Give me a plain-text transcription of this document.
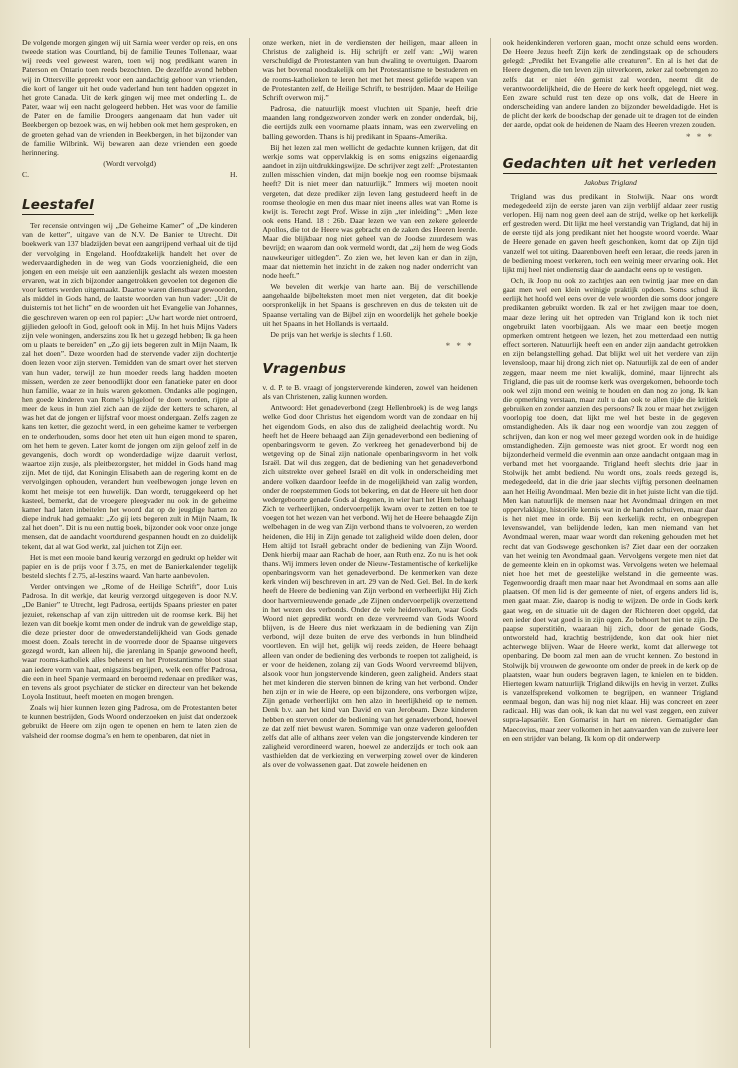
De volgende morgen gingen wij uit Sarnia weer verder op reis, en ons tweede station was Courtland, bij de familie Teunes Tollenaar, waar wij reeds veel geweest waren, toen wij nog predikant waren in Paterson en Ontario toen reeds bezochten. De dezelfde avond hebben wij in Ottersville gepreekt voor een aandachtig gehoor van vrienden, die kort of langer uit het oude vaderland hun tent hadden opgezet in het grote Canada. Uit de kerk gingen wij mee met onderling L. de Pater, waar wij een nacht gelogeerd hebben. Het was voor de familie de Pater en de familie Droogers aangenaam dat hun vader uit Beekbergen op bezoek was, en wij hebben ook met hem gesproken, en de groeten gehad van de vrienden in Beekbergen, in het bijzonder van de familie Wilbrink. Wij bewaren aan deze vrienden een goede herinnering.

(Wordt vervolgd)
C.	H.
Leestafel

Ter recensie ontvingen wij „De Geheime Kamer” of „De kinderen van de ketter”, uitgave van de N.V. De Banier te Utrecht. Dit boekwerk van 137 bladzijden bevat een aangrijpend verhaal uit de tijd der vervolging in Engeland. Hoofdzakelijk handelt het over de wedervaardigheden in de weg van Gods voorzienigheid, die een jongen en een meisje uit een aanzienlijk geslacht als wezen moesten ervaren, wat in zich bijzonder aangetrokken gevoelen tot degenen die voor ketters werden uitgemaakt. Daartoe waren dienstbaar gewoorden, als middel in Gods hand, de laatste woorden van hun vader: „Uit de duisternis tot het licht” en de woorden uit het Evangelie van Johannes, die geschreven waren op een rol papier: „Uw hart worde niet ontroerd, gijlieden gelooft in God, gelooft ook in Mij. In het huis Mijns Vaders zijn vele woningen, anderszins zou Ik het u gezegd hebben; Ik ga heen om u plaats te bereiden” en „Zo gij iets begeren zult in Mijn Naam, Ik zal het doen”. Deze woorden had de stervende vader zijn dochtertje doen lezen voor zijn sterven. Temidden van de smart over het sterven van hun vader, terwijl ze hun moeder reeds lang hadden moeten missen, werden ze zeer benoodlijkt door een fanatieke pater en door hun familie, waar ze in huis waren gekomen. Ondanks alle pogingen, hen goede kinderen van Rome’s bijgeloof te doen worden, rijpte al meer de keus in hun ziel zich aan de zijde der ketters te scharen, al was het dat de jongen er lijfstraf voor moest ondergaan. Zelfs zagen ze kans ten ketter, die gezocht werd, in een geheime kamer te verbergen en te onderhouden, soms door het eten uit hun eigen mond te sparen, om het hem te geven. Later komt de jongen om zijn geloof zelf in de gevangenis, doch wordt op wonderdadige wijze daaruit verlost, waartoe zijn zusje, als pleitbezorgster, het middel in Gods hand mag zijn. Met de tijd, dat Koningin Elisabeth aan de regering komt en de vervolgingen ophouden, verandert hun veelbewogen jonge leven en komt het meisje tot een huwelijk. Dan wordt, teruggekeerd op het kasteel, bemerkt, dat de vroegere pleegvader nu ook in de geheime kamer had laten inbeitelen het woord dat op de jeugdige harten zo diepe indruk had gemaakt: „Zo gij iets begeren zult in Mijn Naam, Ik zal het doen”. Dit is nu een nuttig boek, bijzonder ook voor onze jonge mensen, dat de aandacht voortdurend gespannen houdt en zo duidelijk tekent, dat al wat God werkt, zal juichen tot Zijn eer.

Het is met een mooie band keurig verzorgd en gedrukt op helder wit papier en is de prijs voor f 3.75, en met de Banierkalender tegelijk besteld slechts f 2.75, al-leszins waard. Van harte aanbevolen.

Verder ontvingen we „Rome of de Heilige Schrift”, door Luis Padrosa. In dit werkje, dat keurig verzorgd uitgegeven is door N.V. „De Banier” te Utrecht, legt Padrosa, eertijds Spaans priester en pater jezuiet, rekenschap af van zijn uittreden uit de roomse kerk. Bij het lezen van dit boekje komt men onder de indruk van de geweldige stap, die deze priester door de onwederstandelijkheid van Gods genade moest doen. Zoals terecht in de voorrede door de Spaanse uitgevers gezegd wordt, kan alleen hij, die jarenlang in Spanje gewoond heeft, waar rooms-katholiek alles beheerst en het Protestantisme bloot staat aan iedere vorm van haat, enigszins begrijpen, welk een offer Padrosa, die een in heel Spanje vermaard en beroemd redenaar en prediker was, en tevens als groot psychiater de sticker en directeur van het bekende Loyola Instituut, heeft moeten en mogen brengen.

Zoals wij hier kunnen lezen ging Padrosa, om de Protestanten beter te kunnen bestrijden, Gods Woord onderzoeken en juist dat onderzoek gebruikt de Heere om zijn ogen te openen en hem te laten zien de valsheid der roomse dogma’s en hem te openbaren, dat niet in

onze werken, niet in de verdiensten der heiligen, maar alleen in Christus de zaligheid is. Hij schrijft er zelf van: „Wij waren verschuldigd de Protestanten van hun dwaling te overtuigen. Daarom was het bovenal noodzakelijk om het Protestantisme te bestuderen en de rooms-katholieken te leren het met het meest geliefde wapen van de Protestanten zelf, de Heilige Schrift, te bestrijden. Maar de Heilige Schrift overwon mij.”

Padrosa, die natuurlijk moest vluchten uit Spanje, heeft drie maanden lang rondgezworven zonder werk en zonder onderdak, bij, die eertijds zulk een voorname plaats innam, was een zwerveling en balling geworden. Thans is hij predikant in Spaans-Amerika.

Bij het lezen zal men wellicht de gedachte kunnen krijgen, dat dit werkje soms wat oppervlakkig is en soms enigszins eigenaardig aandoet in zijn uitdrukkingswijze. De schrijver zegt zelf: „Protestanten zullen misschien vinden, dat mijn boekje nog een roomse bijsmaak heeft? Dit is niet meer dan natuurlijk.” Immers wij moeten nooit vergeten, dat deze prediker zijn leven lang gestudeerd heeft in de roomse theologie en men dus maar niet ineens alles wat van Rome is kwijt is. Terecht zegt Prof. Wisse in zijn „ter inleiding”: „Men leze ook eens Hand. 18 : 26b. Daar lezen we van een zekere geleerde Apollos, die tot de Heere was gebracht en de zaken des Heeren leerde. Maar die blijkbaar nog niet geheel van de Joodse zuurdesem was bevrijd; en waarom dan ook vermeld wordt, dat „zij hem de weg Gods nauwkeuriger uitlegden”. Zo zien we, het leven kan er dan in zijn, maar dat niettemin het inzicht in de zaken nog nader onderricht van node heeft.”

We bevelen dit werkje van harte aan. Bij de verschillende aangehaalde bijbelteksten moet men niet vergeten, dat dit boekje oorspronkelijk in het Spaans is geschreven en dus de teksten uit de Spaanse vertaling van de Bijbel zijn en woordelijk het gehele boekje uit het Spaans in het Hollands is vertaald.

De prijs van het werkje is slechts f 1.60.

* * *
Vragenbus

v. d. P. te B. vraagt of jongsterverende kinderen, zowel van heidenen als van Christenen, zalig kunnen worden.

Antwoord: Het genadeverbond (zegt Hellenbroek) is de weg langs welke God door Christus het eigendom wordt van de zondaar en hij het eigendom Gods, en also dus de zaligheid deelachtig wordt. Nu heeft het de Heere behaagd aan Zijn genadeverbond een bediening of openbaringsvorm te geven. Zo verkreeg het genadeverbond bij de wetgeving op de Sinaï zijn nationale openbaringsvorm in het volk Israël. Dat wil dus zeggen, dat de bediening van het genadeverbond zich uitstrekte over geheel Israël en dit volk in onderscheiding met andere volken daardoor leefde in de mogelijkheid van zalig worden, onder de roepstemmen Gods tot bekering, en dat de Heere uit hen door wedergeboorte genade Gods al degenen, in wier hart het Hem behaagt Zich te verheerlijken, ondervoerpelijk kwam over te zetten en toe te voegen tot het wezen van het verbond. Wij het de Heere behaagde Zijn welbehagen in de weg van Zijn verbond thans te volvoeren, zo werden heidenen, die Hij in Zijn genade tot zaligheid wilde doen delen, door Hem altijd tot Israël gebracht onder de bediening van Zijn Woord. Denk hierbij maar aan Rachab de hoer, aan Ruth enz. Zo nu is het ook thans. Wij immers leven onder de Nieuw-Testamentische of kerkelijke openbaringsvorm van het genadeverbond. De kenmerken van deze kerk vinden wij beschreven in art. 29 van de Ned. Gel. Bel. In de kerk heeft de Heere de bediening van Zijn verbond en verheerlijkt Hij Zich door hartvernieuwende genade „de Zijnen ondervoerpelijk overzettend in het wezen des verbonds. Onder de vele heidenvolken, waar Gods Woord niet gepredikt wordt en deze vervreemd van Gods Woord blijven, is de Heere dus niet werkzaam in de bediening van Zijn verbond, wijl deze buiten de erve des verbonds in hun blindheid voortleven. En wijl het, gelijk wij reeds zeiden, de Heere behaagt alleen van onder de bediening des verbonds te roepen tot zaligheid, is er voor de heidenen, zolang zij van Gods Woord vervreemd blijven, alsook voor hun jongstervende kinderen, geen zaligheid. Anders staat het met kinderen die sterven binnen de kring van het verbond. Onder hen zijn er in wie de Heere, op een bijzondere, ons verborgen wijze, Zijn genade verheerlijkt om hen alzo in heerlijkheid op te nemen. Denk b.v. aan het kind van David en van Jerobeam. Deze kinderen hebben en sterven onder de bediening van het genadeverbond, hoewel ze dat zelf niet bewust waren. Sommige van onze vaderen geloofden zelfs dat alle of althans zeer velen van die jongstervende kinderen ter zaligheid verordineerd waren, hoewel ze anderzijds er toch ook aan vasthielden dat de verkiezing en verwerping zowel over de kinderen als over de volwassenen gaat. Dat zowele heidenen en

ook heidenkinderen verloren gaan, mocht onze schuld eens worden. De Heere Jezus heeft Zijn kerk de zendingstaak op de schouders gelegd: „Predikt het Evangelie alle creaturen”. En al is het dat de Heere degenen, die ten leven zijn uitverkoren, zeker zal toebrengen zo zelfs dat er niet één gemist zal worden, neemt dit de verantwoordelijkheid, die de Heere de kerk heeft opgelegd, niet weg. Een zware schuld rust ten deze op ons volk, dat de Heere in onderscheiding van andere landen zo bijzonder beweldadigde. Het is de plicht der kerk de boodschap der genade uit te dragen tot de einden der aarde, opdat ook de heidenen de Naam des Heeren vrezen zouden.

* * *
Gedachten uit het verleden
Jakobus Trigland

Trigland was dus predikant in Stolwijk. Naar ons wordt medegedeeld zijn de eerste jaren van zijn verblijf aldaar zeer rustig verlopen. Hij nam nog geen deel aan de strijd, welke op het kerkelijk erf gestreden werd. Dit lijkt me heel verstandig van Trigland, dat hij in de eerste tijd als jong predikant niet het hoogste woord voerde. Waar de Heere genade en gaven heeft geschonken, komt dat op Zijn tijd vanzelf wel tot uiting. Daarenboven heeft een leraar, die reeds jaren in de bediening moest verkeren, toch een weinig meer ervaring ook. Het lijkt mij heel niet ondienstig daar de aandacht eens op te vestigen.

Och, ik Joop nu ook zo zachtjes aan een twintig jaar mee en dan gaat men wel een klein weinigje praktijk opdoen. Soms schud ik eerlijk het hoofd wel eens over de vele woorden die soms door jongere predikanten gebruikt worden. Ik zal er het zwijgen maar toe doen, maar deze lering uit het optreden van Trigland kon ik toch niet ongebruikt laten voorbijgaan. Als we maar een beetje mogen opmerken omtrent hetgeen we lezen, het zou metterdaad een nuttig effect sorteren. Natuurlijk heeft een en ander zijn aandacht getrokken en zijn belangstelling gehad. Dat blijkt wel uit het verdere van zijn levensloop, maar hij drong zich niet op. Natuurlijk zal de een of ander zeggen, maar neem me niet kwalijk, dominé, maar lijnrecht als Trigland, die pas uit de roomse kerk was overgekomen, behoorde toch ook wel zijn mond een weinig te houden en dan nog zo jong. Ik kan die opmerking verstaan, maar zult u dan ook te allen tijde die kritiek gebruiken en zonder aanzien des persoons? Ik zou er maar het zwijgen voorlopig toe doen, dat lijkt me wel het beste in de gegeven omstandigheden. Als ik daar nog een woordje van zou zeggen of schrijven, dan kon er nog wel meer gezegd worden ook in de huidige omstandigheden. Zijn gemoeste was niet groot. Er wordt nog een bijzonderheid vermeld die evenmin aan onze aandacht ontgaan mag in verband met het voorgaande. Trigland heeft slechts drie jaar in Stolwijk het ambt bediend. Nu wordt ons, zoals reeds gezegd is, medegedeeld, dat in die drie jaar slechts vijftig personen deelnamen aan het Heilig Avondmaal. Men bezie dit in het juiste licht van die tijd. Men kan natuurlijk de mensen naar het Avondmaal dringen en met oppervlakkige, historiële kennis wat in de handen schuiven, maar daar is het niet mee in orde. Bij een kerkelijk recht, en onbegrepen levenswandel, van belijdende leden, kan men niemand van het Avondmaal weren, maar waar wordt dan rekening gehouden met het recht dat van Godswege geschonken is? Ziet daar een der oorzaken van het weinig ten Avondmaal gaan. Vervolgens vergete men niet dat de gemeente klein en in opkomst was. Vervolgens weten we helemaal niet hoe het met de geestelijke welstand in die gemeente was. Tegenwoordig draaft men maar naar het Avondmaal en soms aan alle plaatsen. Of men lid is der gemeente of niet, of ergens anders lid is, men gaat maar. Zie, daarop is nodig te wijzen. De orde in Gods kerk gaat weg, en de situatie uit de dagen der Richteren doet opgeld, dat een ieder doet wat goed is in zijn ogen. Zo behoort het niet te zijn. De paapse superstitiën, waaraan hij zich, door de genade Gods, ontworsteld had, krachtig bestrijdende, kon dat ook hier niet achterwege blijven. Waar de Heere werkt, komt dat allerwege tot openbaring. De boom zal men aan de vrucht kennen. Zo bestond in Stolwijk bij vrouwen de gewoonte om onder de preek in de kerk op de plaatsten, waar hun ouders begraven lagen, te knielen en te bidden. Hiertegen kwam natuurlijk Trigland dikwijls en hevig in verzet. Zulks is vanzelfsprekend volkomen te begrijpen, en wanneer Trigland eenmaal begon, dan was hij nog niet klaar. Hij was concreet en zeer radicaal. Hij was dan ook, ik kan dat nu wel vast zeggen, een zuiver supra-lapsariër. Een Gomarist in hart en nieren. Gematigder dan Maecovius, maar zeer volkomen in het aanvaarden van de zuivere leer en een strijder van belang. Ik kom op dit onderwerp
